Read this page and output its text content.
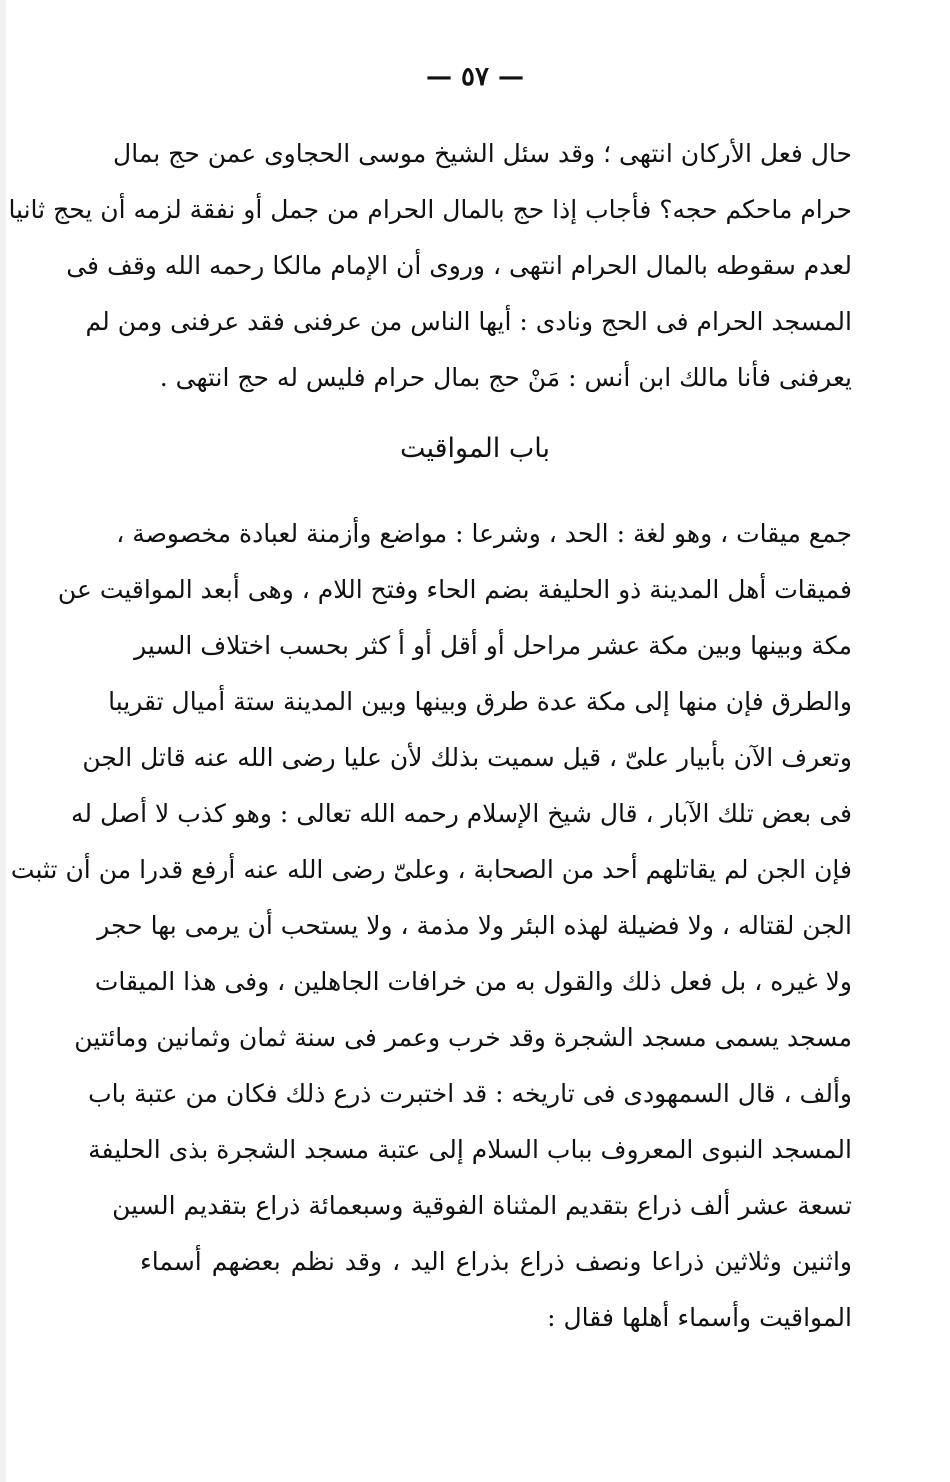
— ٥٧ —
حال فعل الأركان انتهى ؛ وقد سئل الشيخ موسى الحجاوى عمن حج بمال
حرام ماحكم حجه؟ فأجاب إذا حج بالمال الحرام من جمل أو نفقة لزمه أن يحج ثانيا
لعدم سقوطه بالمال الحرام انتهى ، وروى أن الإمام مالكا رحمه الله وقف فى
المسجد الحرام فى الحج ونادى : أيها الناس من عرفنى فقد عرفنى ومن لم
يعرفنى فأنا مالك ابن أنس : مَنْ حج بمال حرام فليس له حج انتهى .
باب المواقيت
جمع ميقات ، وهو لغة : الحد ، وشرعا : مواضع وأزمنة لعبادة مخصوصة ،
فميقات أهل المدينة ذو الحليفة بضم الحاء وفتح اللام ، وهى أبعد المواقيت عن
مكة وبينها وبين مكة عشر مراحل أو أقل أو أ كثر بحسب اختلاف السير
والطرق فإن منها إلى مكة عدة طرق وبينها وبين المدينة ستة أميال تقريبا
وتعرف الآن بأبيار علىّ ، قيل سميت بذلك لأن عليا رضى الله عنه قاتل الجن
فى بعض تلك الآبار ، قال شيخ الإسلام رحمه الله تعالى : وهو كذب لا أصل له
فإن الجن لم يقاتلهم أحد من الصحابة ، وعلىّ رضى الله عنه أرفع قدرا من أن تثبت
الجن لقتاله ، ولا فضيلة لهذه البئر ولا مذمة ، ولا يستحب أن يرمى بها حجر
ولا غيره ، بل فعل ذلك والقول به من خرافات الجاهلين ، وفى هذا الميقات
مسجد يسمى مسجد الشجرة وقد خرب وعمر فى سنة ثمان وثمانين ومائتين
وألف ، قال السمهودى فى تاريخه : قد اختبرت ذرع ذلك فكان من عتبة باب
المسجد النبوى المعروف بباب السلام إلى عتبة مسجد الشجرة بذى الحليفة
تسعة عشر ألف ذراع بتقديم المثناة الفوقية وسبعمائة ذراع بتقديم السين
واثنين وثلاثين ذراعا ونصف ذراع بذراع اليد ، وقد نظم بعضهم أسماء
المواقيت وأسماء أهلها فقال :
